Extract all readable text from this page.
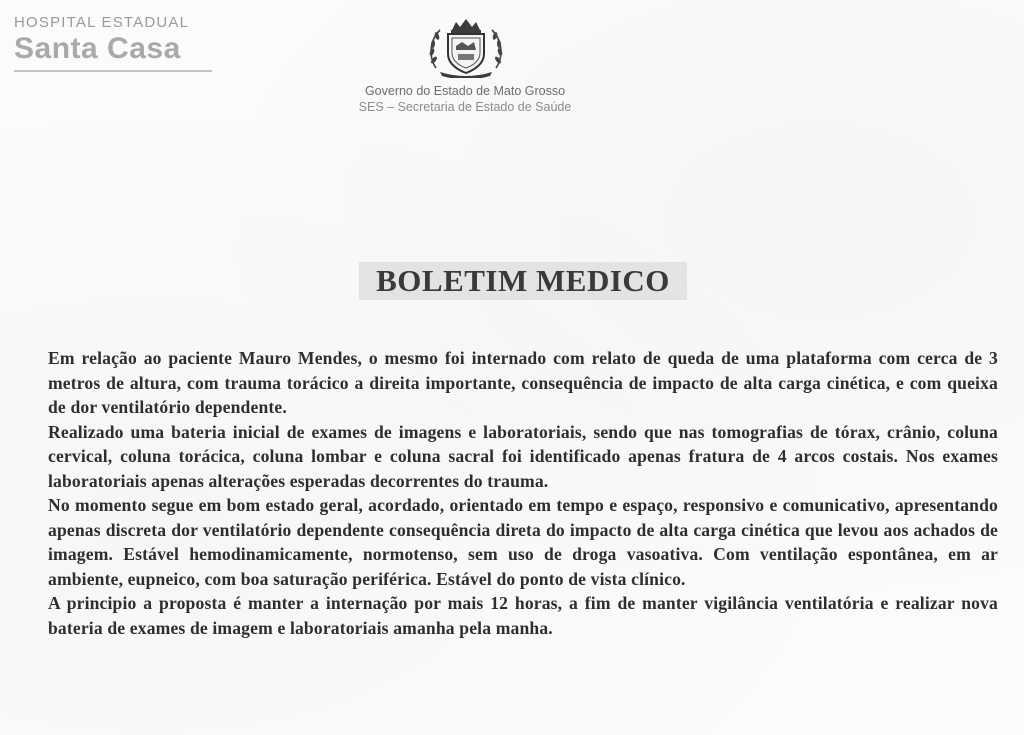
HOSPITAL ESTADUAL
Santa Casa
Governo do Estado de Mato Grosso
SES – Secretaria de Estado de Saúde
BOLETIM MEDICO

Em relação ao paciente Mauro Mendes, o mesmo foi internado com relato de queda de uma plataforma com cerca de 3 metros de altura, com trauma torácico a direita importante, consequência de impacto de alta carga cinética, e com queixa de dor ventilatório dependente.

Realizado uma bateria inicial de exames de imagens e laboratoriais, sendo que nas tomografias de tórax, crânio, coluna cervical, coluna torácica, coluna lombar e coluna sacral foi identificado apenas fratura de 4 arcos costais. Nos exames laboratoriais apenas alterações esperadas decorrentes do trauma.

No momento segue em bom estado geral, acordado, orientado em tempo e espaço, responsivo e comunicativo, apresentando apenas discreta dor ventilatório dependente consequência direta do impacto de alta carga cinética que levou aos achados de imagem. Estável hemodinamicamente, normotenso, sem uso de droga vasoativa. Com ventilação espontânea, em ar ambiente, eupneico, com boa saturação periférica. Estável do ponto de vista clínico.

A principio a proposta é manter a internação por mais 12 horas, a fim de manter vigilância ventilatória e realizar nova bateria de exames de imagem e laboratoriais amanha pela manha.
